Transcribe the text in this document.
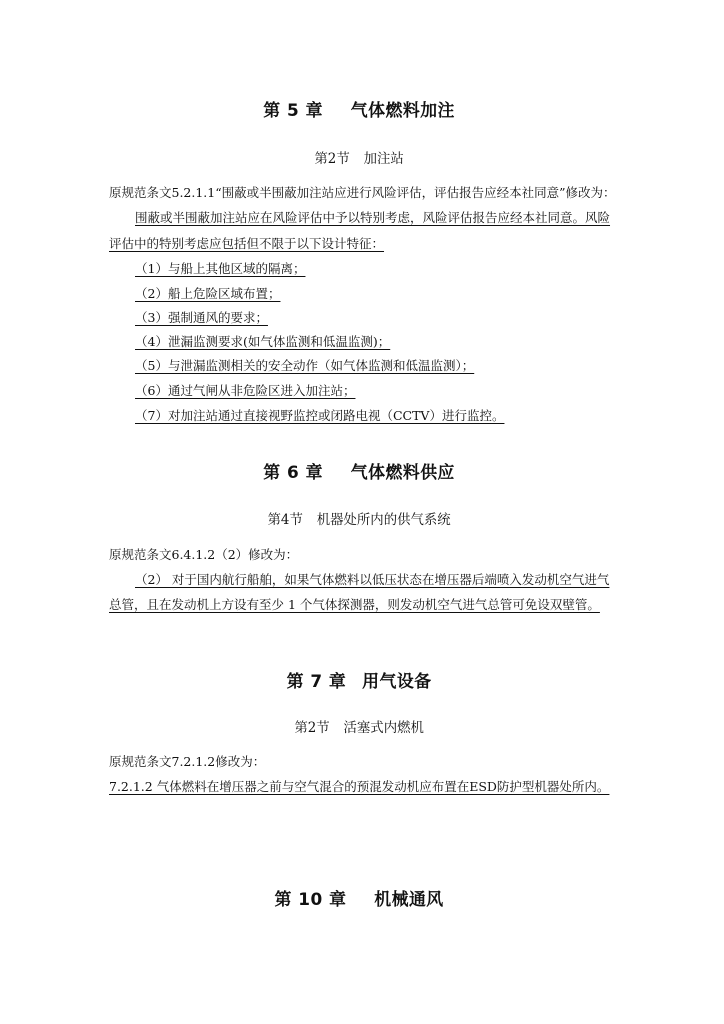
第 5 章 气体燃料加注
第2节 加注站
原规范条文5.2.1.1“围蔽或半围蔽加注站应进行风险评估，评估报告应经本社同意”修改为：
围蔽或半围蔽加注站应在风险评估中予以特别考虑，风险评估报告应经本社同意。风险
评估中的特别考虑应包括但不限于以下设计特征：
（1）与船上其他区域的隔离；
（2）船上危险区域布置；
（3）强制通风的要求；
（4）泄漏监测要求(如气体监测和低温监测)；
（5）与泄漏监测相关的安全动作（如气体监测和低温监测）；
（6）通过气闸从非危险区进入加注站；
（7）对加注站通过直接视野监控或闭路电视（CCTV）进行监控。
第 6 章 气体燃料供应
第4节 机器处所内的供气系统
原规范条文6.4.1.2（2）修改为：
（2） 对于国内航行船舶，如果气体燃料以低压状态在增压器后端喷入发动机空气进气
总管，且在发动机上方设有至少 1 个气体探测器，则发动机空气进气总管可免设双壁管。
第 7 章 用气设备
第2节 活塞式内燃机
原规范条文7.2.1.2修改为：
7.2.1.2 气体燃料在增压器之前与空气混合的预混发动机应布置在ESD防护型机器处所内。
第 10 章 机械通风
